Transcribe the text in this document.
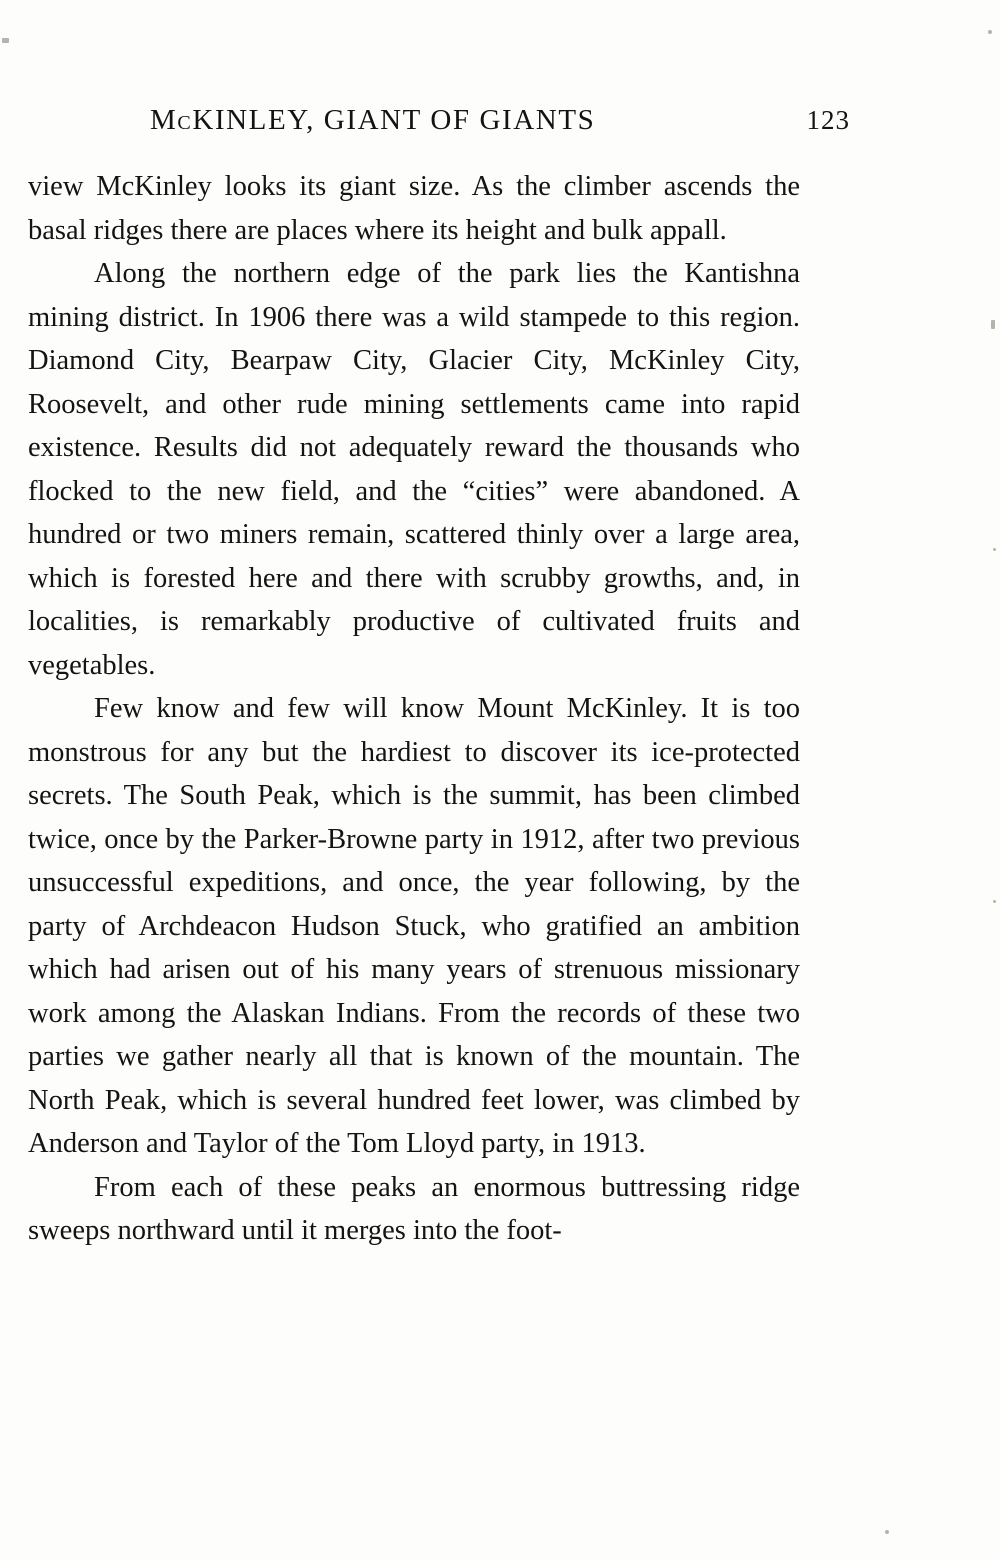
McKINLEY, GIANT OF GIANTS	123

view McKinley looks its giant size. As the climber ascends the basal ridges there are places where its height and bulk appall.

Along the northern edge of the park lies the Kantishna mining district. In 1906 there was a wild stampede to this region. Diamond City, Bearpaw City, Glacier City, McKinley City, Roosevelt, and other rude mining settlements came into rapid existence. Results did not adequately reward the thousands who flocked to the new field, and the “cities” were abandoned. A hundred or two miners remain, scattered thinly over a large area, which is forested here and there with scrubby growths, and, in localities, is remarkably productive of cultivated fruits and vegetables.

Few know and few will know Mount McKinley. It is too monstrous for any but the hardiest to discover its ice-protected secrets. The South Peak, which is the summit, has been climbed twice, once by the Parker-Browne party in 1912, after two previous unsuccessful expeditions, and once, the year following, by the party of Archdeacon Hudson Stuck, who gratified an ambition which had arisen out of his many years of strenuous missionary work among the Alaskan Indians. From the records of these two parties we gather nearly all that is known of the mountain. The North Peak, which is several hundred feet lower, was climbed by Anderson and Taylor of the Tom Lloyd party, in 1913.

From each of these peaks an enormous buttressing ridge sweeps northward until it merges into the foot-
